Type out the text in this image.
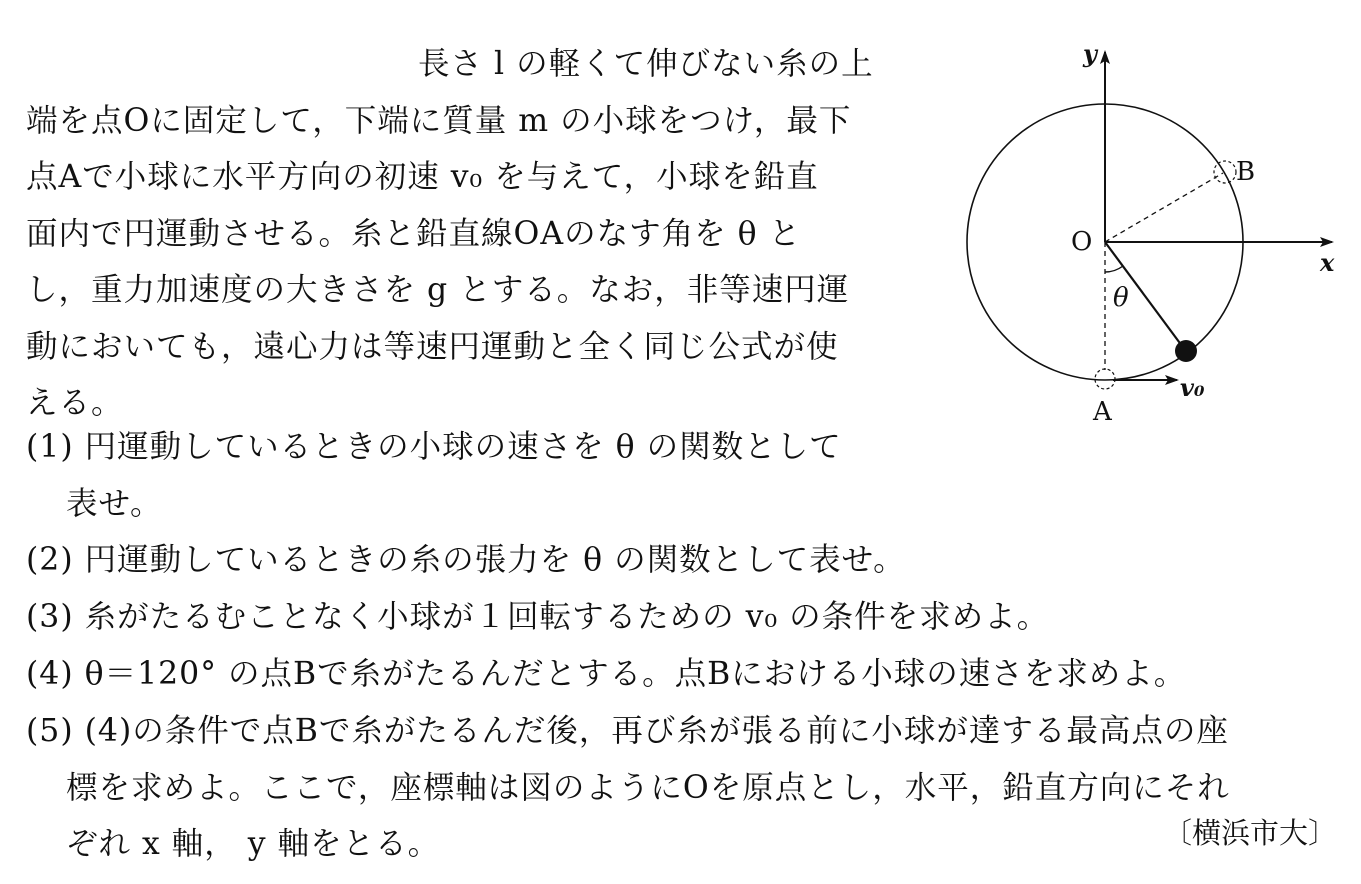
長さ l の軽くて伸びない糸の上
端を点Oに固定して，下端に質量 m の小球をつけ，最下
点Aで小球に水平方向の初速 v₀ を与えて，小球を鉛直
面内で円運動させる。糸と鉛直線OAのなす角を θ と
し，重力加速度の大きさを g とする。なお，非等速円運
動においても，遠心力は等速円運動と全く同じ公式が使
える。
(1) 円運動しているときの小球の速さを θ の関数として
表せ。
(2) 円運動しているときの糸の張力を θ の関数として表せ。
(3) 糸がたるむことなく小球が１回転するための v₀ の条件を求めよ。
(4) θ＝120° の点Bで糸がたるんだとする。点Bにおける小球の速さを求めよ。
(5) (4)の条件で点Bで糸がたるんだ後，再び糸が張る前に小球が達する最高点の座
標を求めよ。ここで，座標軸は図のようにOを原点とし，水平，鉛直方向にそれ
ぞれ x 軸， y 軸をとる。	〔横浜市大〕
y
x
O
A
B
θ
v₀
